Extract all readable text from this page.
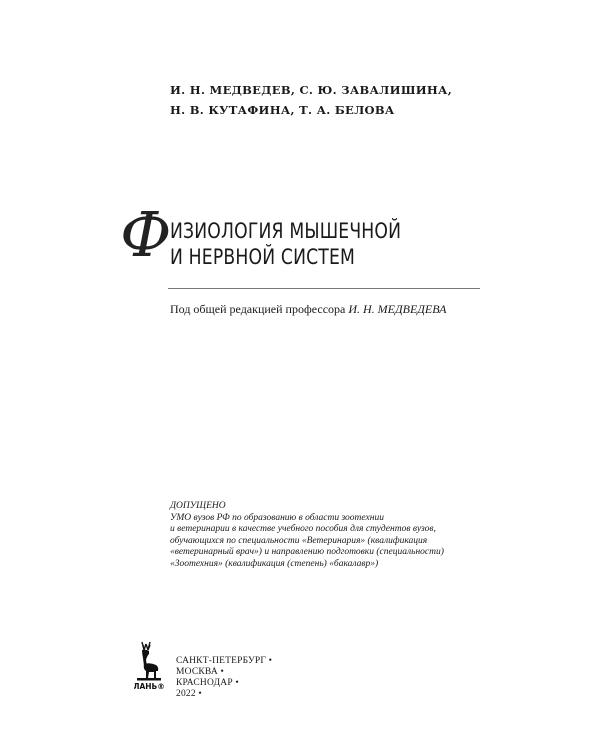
И. Н. МЕДВЕДЕВ, С. Ю. ЗАВАЛИШИНА,
Н. В. КУТАФИНА, Т. А. БЕЛОВА
Ф
ИЗИОЛОГИЯ МЫШЕЧНОЙ
И НЕРВНОЙ СИСТЕМ
Под общей редакцией профессора И. Н. МЕДВЕДЕВА
ДОПУЩЕНО
УМО вузов РФ по образованию в области зоотехнии
и ветеринарии в качестве учебного пособия для студентов вузов,
обучающихся по специальности «Ветеринария» (квалификация
«ветеринарный врач») и направлению подготовки (специальности)
«Зоотехния» (квалификация (степень) «бакалавр»)
ЛАНЬ®
САНКТ-ПЕТЕРБУРГ •
МОСКВА •
КРАСНОДАР •
2022 •
